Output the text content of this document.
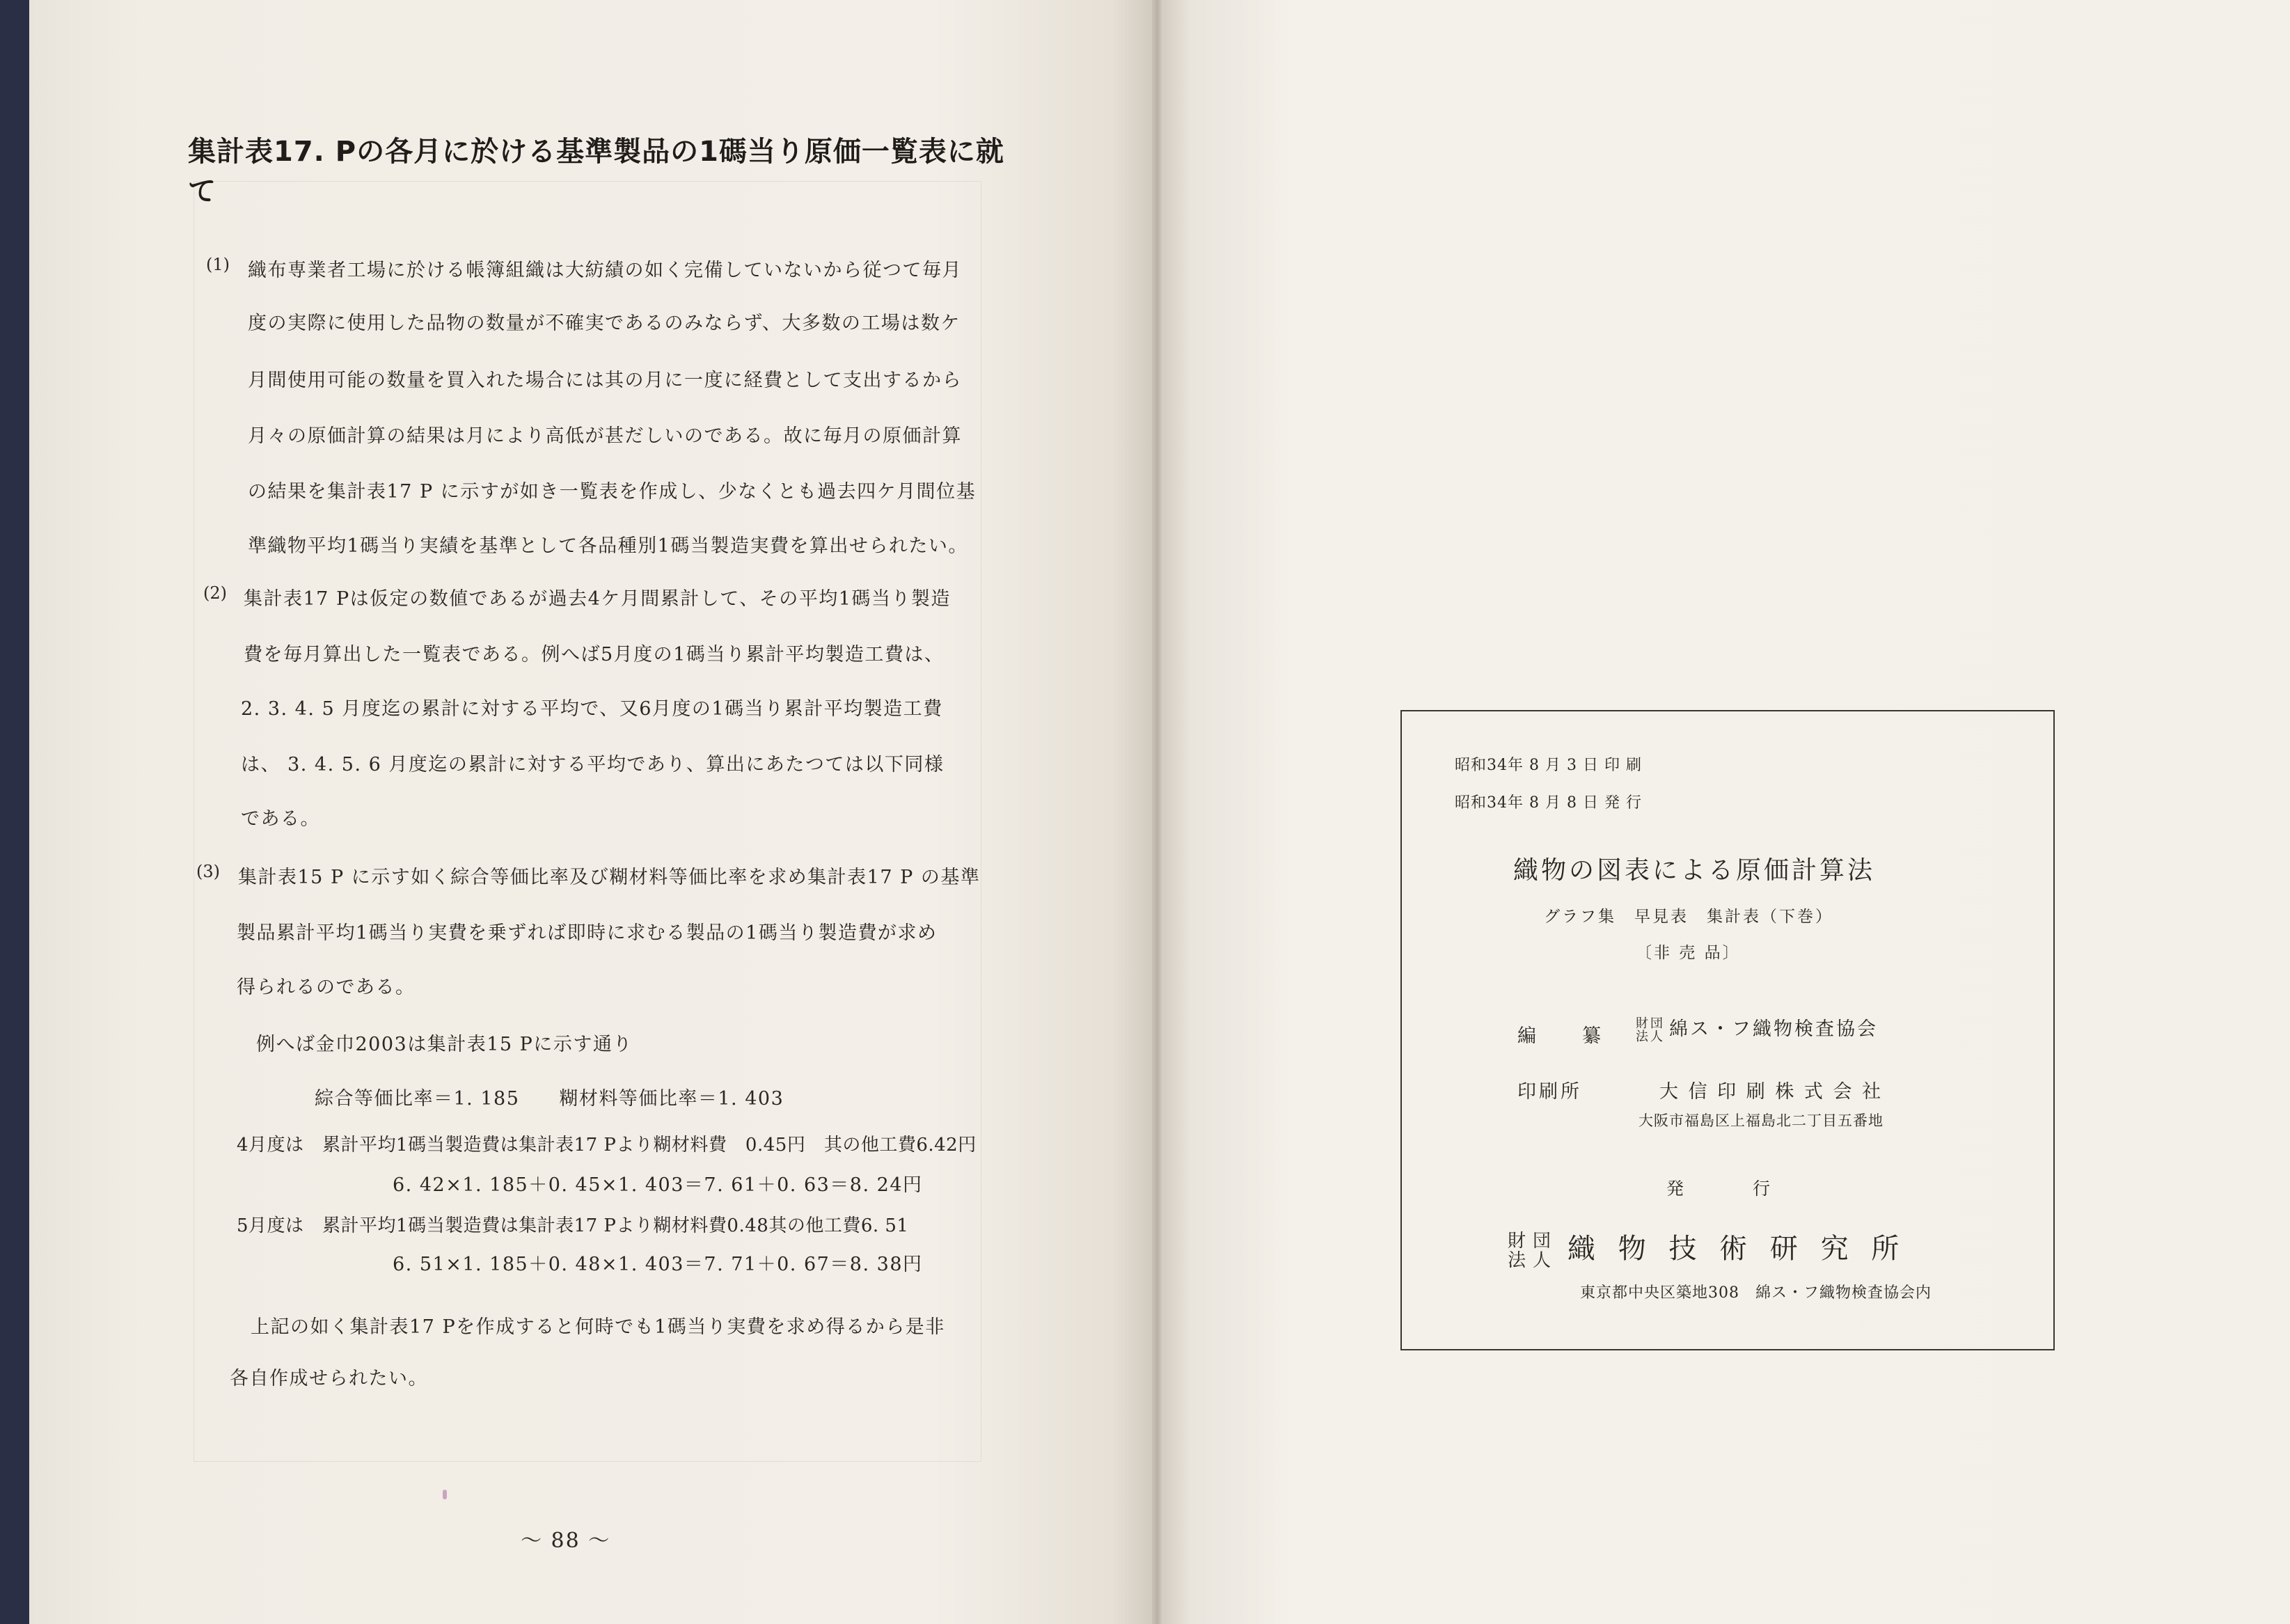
集計表17. Pの各月に於ける基準製品の1碼当り原価一覧表に就て
(1) 織布専業者工場に於ける帳簿組織は大紡績の如く完備していないから従つて毎月
度の実際に使用した品物の数量が不確実であるのみならず、大多数の工場は数ケ
月間使用可能の数量を買入れた場合には其の月に一度に経費として支出するから
月々の原価計算の結果は月により高低が甚だしいのである。故に毎月の原価計算
の結果を集計表17 P に示すが如き一覧表を作成し、少なくとも過去四ケ月間位基
準織物平均1碼当り実績を基準として各品種別1碼当製造実費を算出せられたい。
(2) 集計表17 Pは仮定の数値であるが過去4ケ月間累計して、その平均1碼当り製造
費を毎月算出した一覧表である。例へば5月度の1碼当り累計平均製造工費は、
2. 3. 4. 5 月度迄の累計に対する平均で、又6月度の1碼当り累計平均製造工費
は、 3. 4. 5. 6 月度迄の累計に対する平均であり、算出にあたつては以下同様
である。
(3) 集計表15 P に示す如く綜合等価比率及び糊材料等価比率を求め集計表17 P の基準
製品累計平均1碼当り実費を乗ずれば即時に求むる製品の1碼当り製造費が求め
得られるのである。
例へば金巾2003は集計表15 Pに示す通り
綜合等価比率＝1. 185　　糊材料等価比率＝1. 403
4月度は　累計平均1碼当製造費は集計表17 Pより糊材料費　0.45円　其の他工費6.42円
6. 42×1. 185＋0. 45×1. 403＝7. 61＋0. 63＝8. 24円
5月度は　累計平均1碼当製造費は集計表17 Pより糊材料費0.48其の他工費6. 51
6. 51×1. 185＋0. 48×1. 403＝7. 71＋0. 67＝8. 38円
上記の如く集計表17 Pを作成すると何時でも1碼当り実費を求め得るから是非
各自作成せられたい。
～ 88 ～
昭和34年 8 月 3 日 印 刷
昭和34年 8 月 8 日 発 行
織物の図表による原価計算法
グラフ集　早見表　集計表（下巻）
〔非 売 品〕
編　　纂
財団
法人 綿ス・フ織物検査協会
印刷所	大 信 印 刷 株 式 会 社
大阪市福島区上福島北二丁目五番地
発　　　行
財団
法人 織 物 技 術 研 究 所
東京都中央区築地308　綿ス・フ織物検査協会内
